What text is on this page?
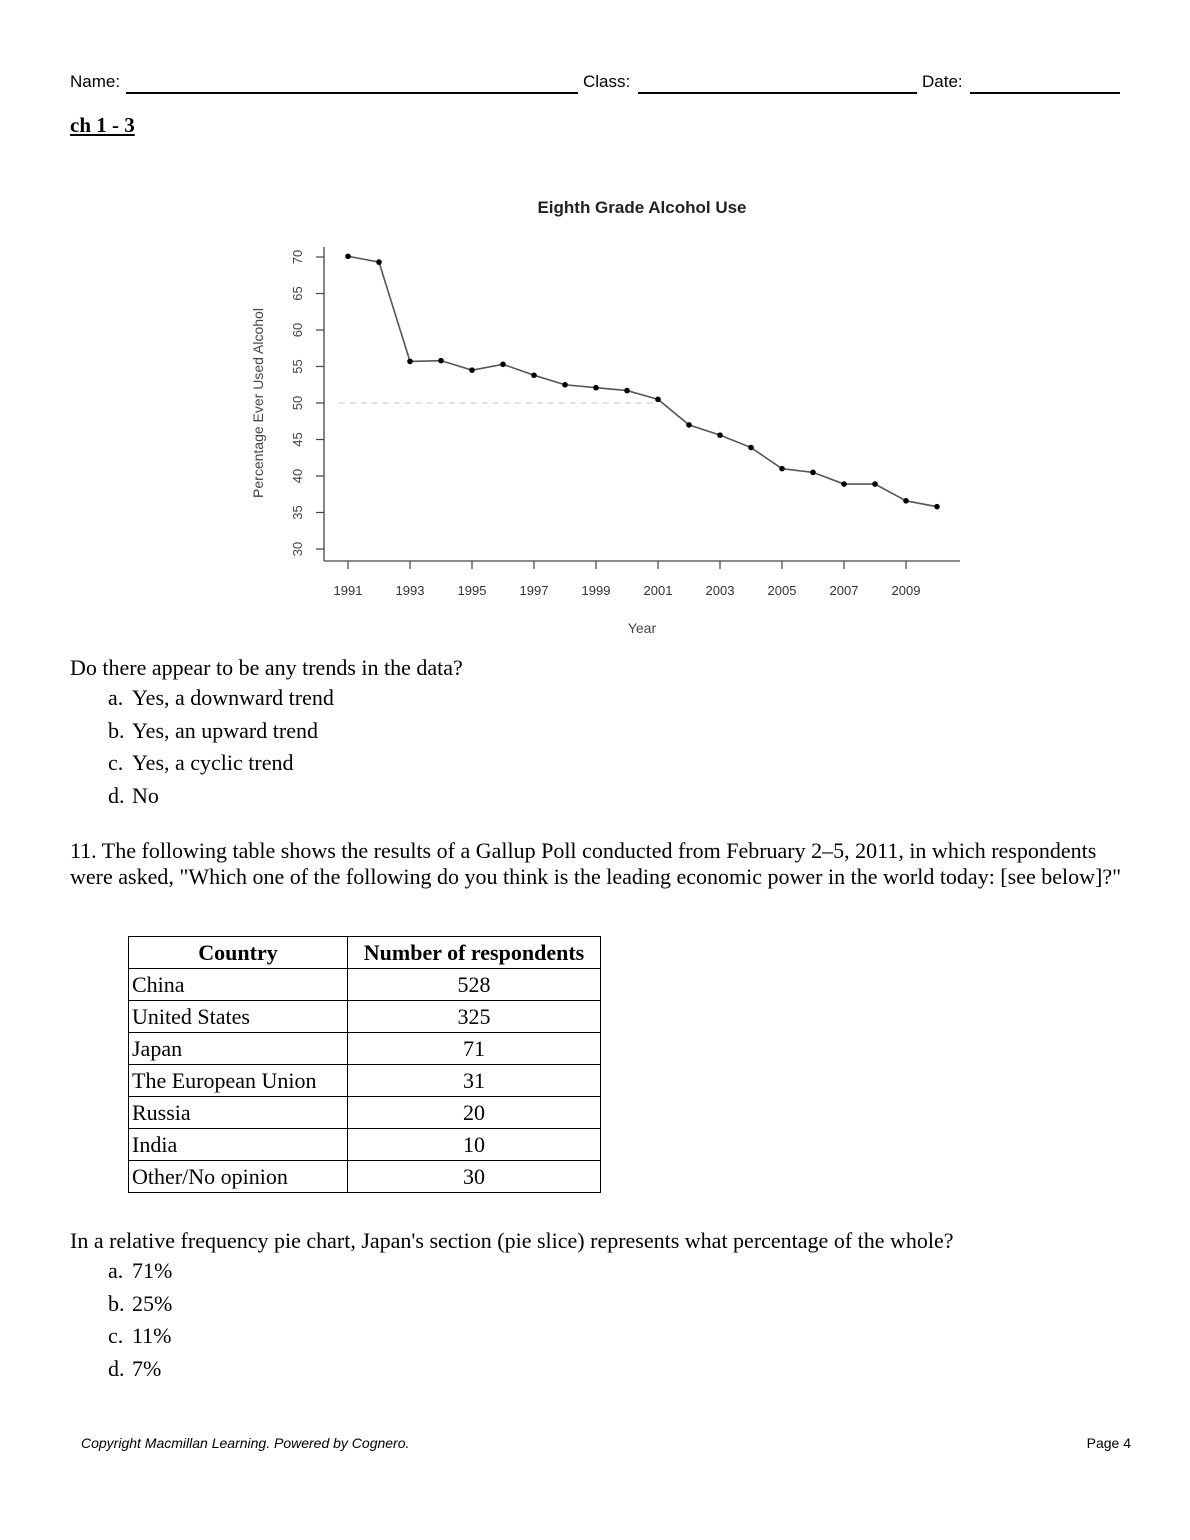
Name:	Class:	Date:
ch 1 - 3
Eighth Grade Alcohol Use
Percentage Ever Used Alcohol
Year
30
35
40
45
50
55
60
65
70
1991	1993	1995	1997	1999	2001	2003	2005	2007	2009
Do there appear to be any trends in the data?
a. Yes, a downward trend
b. Yes, an upward trend
c. Yes, a cyclic trend
d. No
11. The following table shows the results of a Gallup Poll conducted from February 2–5, 2011, in which respondents were asked, "Which one of the following do you think is the leading economic power in the world today: [see below]?"
Country	Number of respondents
China	528
United States	325
Japan	71
The European Union	31
Russia	20
India	10
Other/No opinion	30
In a relative frequency pie chart, Japan's section (pie slice) represents what percentage of the whole?
a. 71%
b. 25%
c. 11%
d. 7%
Copyright Macmillan Learning. Powered by Cognero.	Page 4
